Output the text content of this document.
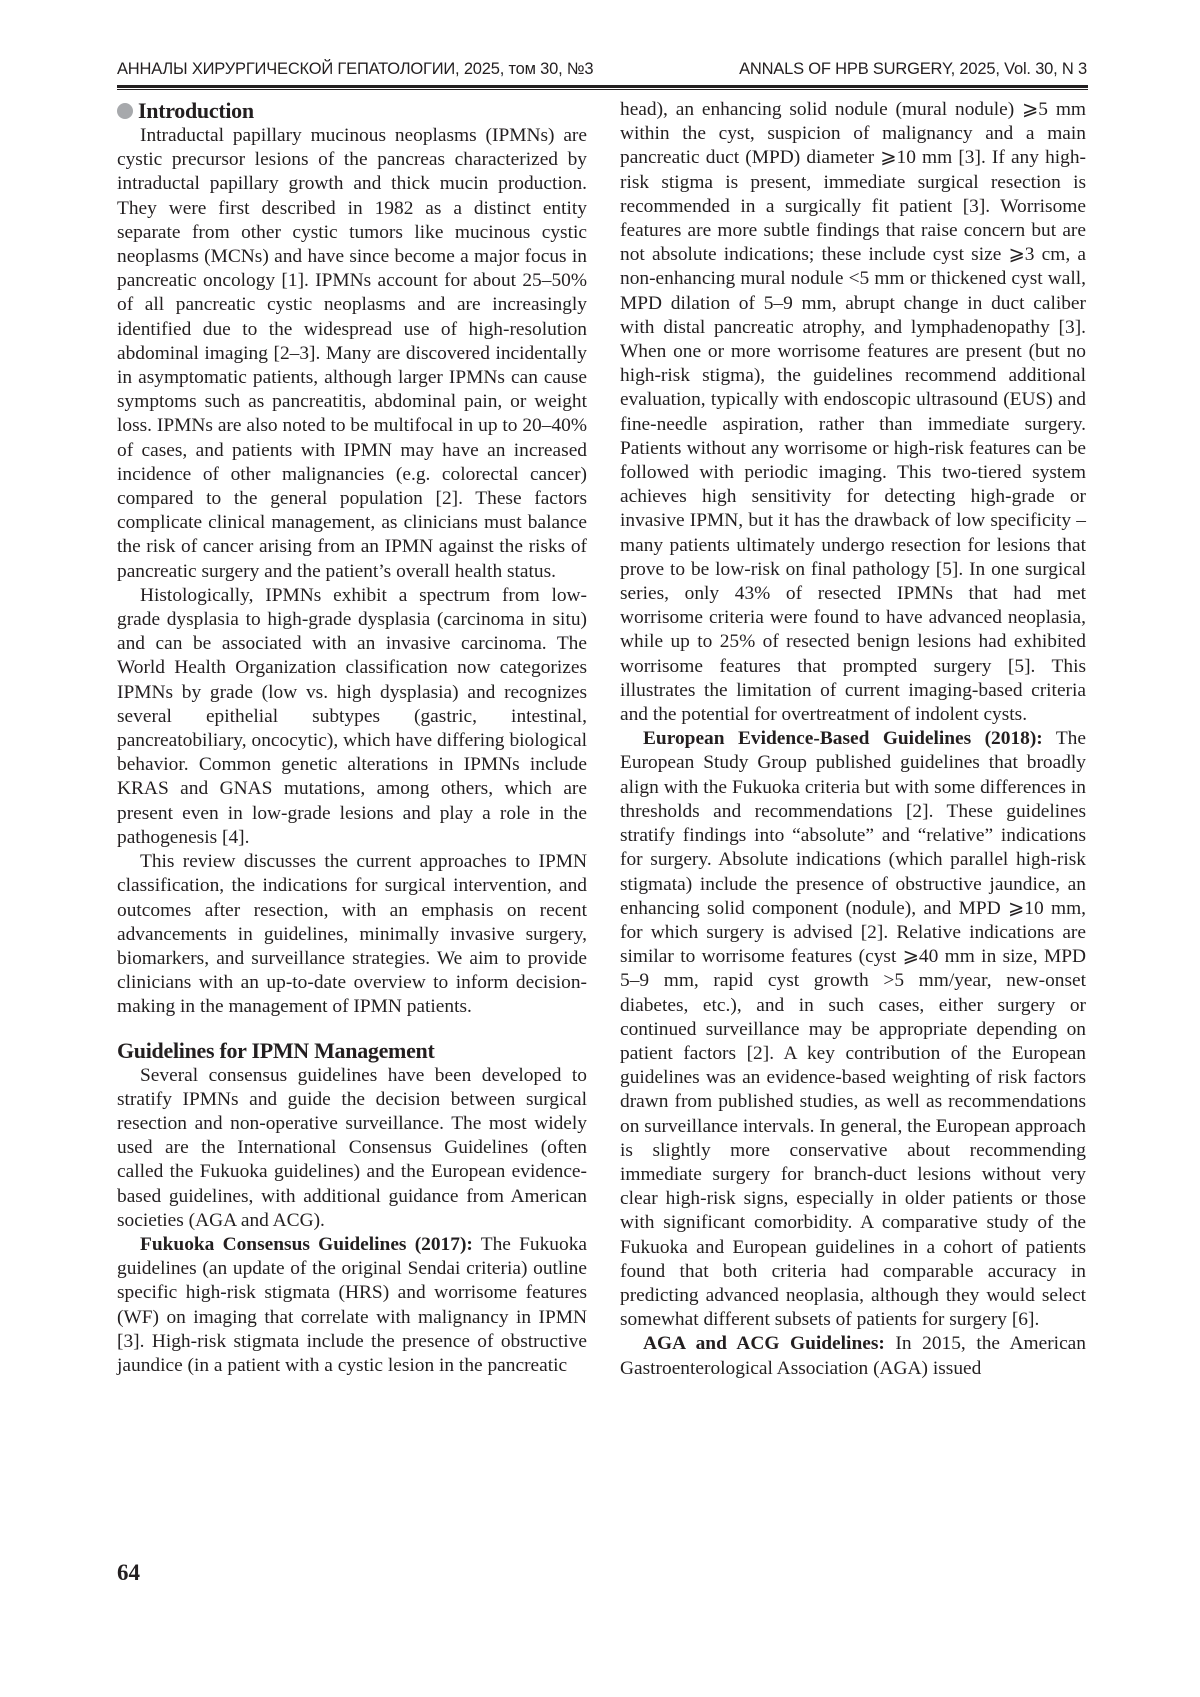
АННАЛЫ ХИРУРГИЧЕСКОЙ ГЕПАТОЛОГИИ, 2025, том 30, №3	ANNALS OF HPB SURGERY, 2025, Vol. 30, N 3
Introduction

Intraductal papillary mucinous neoplasms (IPMNs) are cystic precursor lesions of the pancreas characterized by intraductal papillary growth and thick mucin production. They were first described in 1982 as a distinct entity separate from other cystic tumors like mucinous cystic neoplasms (MCNs) and have since become a major focus in pancreatic oncology [1]. IPMNs account for about 25–50% of all pancreatic cystic neoplasms and are increasingly identified due to the widespread use of high-resolution abdominal imaging [2–3]. Many are discovered incidentally in asymptomatic patients, although larger IPMNs can cause symptoms such as pancreatitis, abdominal pain, or weight loss. IPMNs are also noted to be multifocal in up to 20–40% of cases, and patients with IPMN may have an increased incidence of other malignancies (e.g. colorectal cancer) compared to the general population [2]. These factors complicate clinical management, as clinicians must balance the risk of cancer arising from an IPMN against the risks of pancreatic surgery and the patient’s overall health status.

Histologically, IPMNs exhibit a spectrum from low-grade dysplasia to high-grade dysplasia (carcinoma in situ) and can be associated with an invasive carcinoma. The World Health Organization classification now categorizes IPMNs by grade (low vs. high dysplasia) and recognizes several epithelial subtypes (gastric, intestinal, pancreatobiliary, oncocytic), which have differing biological behavior. Common genetic alterations in IPMNs include KRAS and GNAS mutations, among others, which are present even in low-grade lesions and play a role in the pathogenesis [4].

This review discusses the current approaches to IPMN classification, the indications for surgical intervention, and outcomes after resection, with an emphasis on recent advancements in guidelines, minimally invasive surgery, biomarkers, and surveillance strategies. We aim to provide clinicians with an up-to-date overview to inform decision-making in the management of IPMN patients.

Guidelines for IPMN Management

Several consensus guidelines have been developed to stratify IPMNs and guide the decision between surgical resection and non-operative surveillance. The most widely used are the International Consensus Guidelines (often called the Fukuoka guidelines) and the European evidence-based guidelines, with additional guidance from American societies (AGA and ACG).

Fukuoka Consensus Guidelines (2017): The Fukuoka guidelines (an update of the original Sendai criteria) outline specific high-risk stigmata (HRS) and worrisome features (WF) on imaging that correlate with malignancy in IPMN [3]. High-risk stigmata include the presence of obstructive jaundice (in a patient with a cystic lesion in the pancreatic

head), an enhancing solid nodule (mural nodule) ⩾5 mm within the cyst, suspicion of malignancy and a main pancreatic duct (MPD) diameter ⩾10 mm [3]. If any high-risk stigma is present, immediate surgical resection is recommended in a surgically fit patient [3]. Worrisome features are more subtle findings that raise concern but are not absolute indications; these include cyst size ⩾3 cm, a non-enhancing mural nodule <5 mm or thickened cyst wall, MPD dilation of 5–9 mm, abrupt change in duct caliber with distal pancreatic atrophy, and lymphadenopathy [3]. When one or more worrisome features are present (but no high-risk stigma), the guidelines recommend additional evaluation, typically with endoscopic ultrasound (EUS) and fine-needle aspiration, rather than immediate surgery. Patients without any worrisome or high-risk features can be followed with periodic imaging. This two-tiered system achieves high sensitivity for detecting high-grade or invasive IPMN, but it has the drawback of low specificity – many patients ultimately undergo resection for lesions that prove to be low-risk on final pathology [5]. In one surgical series, only 43% of resected IPMNs that had met worrisome criteria were found to have advanced neoplasia, while up to 25% of resected benign lesions had exhibited worrisome features that prompted surgery [5]. This illustrates the limitation of current imaging-based criteria and the potential for overtreatment of indolent cysts.

European Evidence-Based Guidelines (2018): The European Study Group published guidelines that broadly align with the Fukuoka criteria but with some differences in thresholds and recommendations [2]. These guidelines stratify findings into “absolute” and “relative” indications for surgery. Absolute indications (which parallel high-risk stigmata) include the presence of obstructive jaundice, an enhancing solid component (nodule), and MPD ⩾10 mm, for which surgery is advised [2]. Relative indications are similar to worrisome features (cyst ⩾40 mm in size, MPD 5–9 mm, rapid cyst growth >5 mm/year, new-onset diabetes, etc.), and in such cases, either surgery or continued surveillance may be appropriate depending on patient factors [2]. A key contribution of the European guidelines was an evidence-based weighting of risk factors drawn from published studies, as well as recommendations on surveillance intervals. In general, the European approach is slightly more conservative about recommending immediate surgery for branch-duct lesions without very clear high-risk signs, especially in older patients or those with significant comorbidity. A comparative study of the Fukuoka and European guidelines in a cohort of patients found that both criteria had comparable accuracy in predicting advanced neoplasia, although they would select somewhat different subsets of patients for surgery [6].

AGA and ACG Guidelines: In 2015, the American Gastroenterological Association (AGA) issued

64
